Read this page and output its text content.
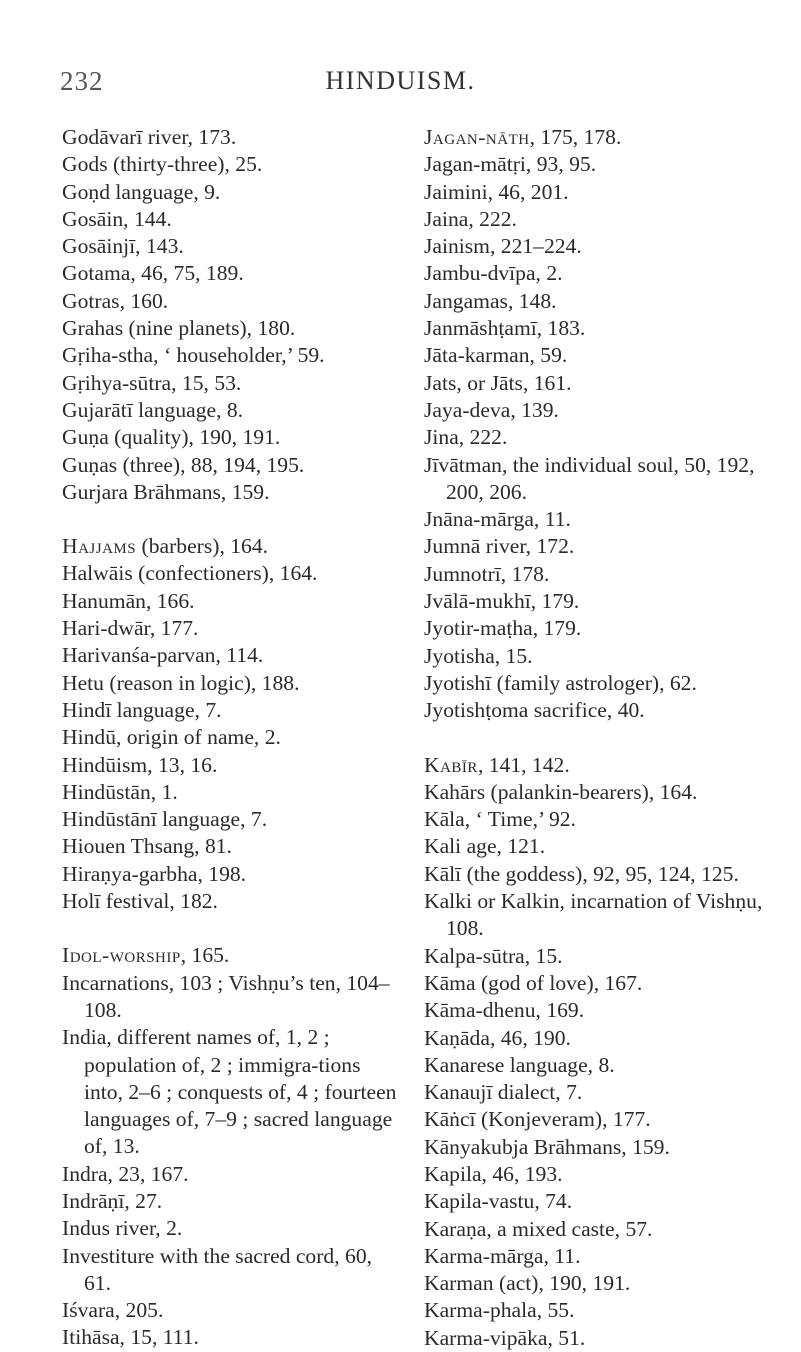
232	HINDUISM.
Godāvarī river, 173.
Gods (thirty-three), 25.
Goṇd language, 9.
Gosāin, 144.
Gosāinjī, 143.
Gotama, 46, 75, 189.
Gotras, 160.
Grahas (nine planets), 180.
Gṛiha-stha, ‘ householder,’ 59.
Gṛihya-sūtra, 15, 53.
Gujarātī language, 8.
Guṇa (quality), 190, 191.
Guṇas (three), 88, 194, 195.
Gurjara Brāhmans, 159.
Hajjams (barbers), 164.
Halwāis (confectioners), 164.
Hanumān, 166.
Hari-dwār, 177.
Harivanśa-parvan, 114.
Hetu (reason in logic), 188.
Hindī language, 7.
Hindū, origin of name, 2.
Hindūism, 13, 16.
Hindūstān, 1.
Hindūstānī language, 7.
Hiouen Thsang, 81.
Hiraṇya-garbha, 198.
Holī festival, 182.
Idol-worship, 165.
Incarnations, 103 ; Vishṇu’s ten, 104–108.
India, different names of, 1, 2 ; population of, 2 ; immigra-tions into, 2–6 ; conquests of, 4 ; fourteen languages of, 7–9 ; sacred language of, 13.
Indra, 23, 167.
Indrāṇī, 27.
Indus river, 2.
Investiture with the sacred cord, 60, 61.
Iśvara, 205.
Itihāsa, 15, 111.
Jagan-nāth, 175, 178.
Jagan-mātṛi, 93, 95.
Jaimini, 46, 201.
Jaina, 222.
Jainism, 221–224.
Jambu-dvīpa, 2.
Jangamas, 148.
Janmāshṭamī, 183.
Jāta-karman, 59.
Jats, or Jāts, 161.
Jaya-deva, 139.
Jina, 222.
Jīvātman, the individual soul, 50, 192, 200, 206.
Jnāna-mārga, 11.
Jumnā river, 172.
Jumnotrī, 178.
Jvālā-mukhī, 179.
Jyotir-maṭha, 179.
Jyotisha, 15.
Jyotishī (family astrologer), 62.
Jyotishṭoma sacrifice, 40.
Kabīr, 141, 142.
Kahārs (palankin-bearers), 164.
Kāla, ‘ Time,’ 92.
Kali age, 121.
Kālī (the goddess), 92, 95, 124, 125.
Kalki or Kalkin, incarnation of Vishṇu, 108.
Kalpa-sūtra, 15.
Kāma (god of love), 167.
Kāma-dhenu, 169.
Kaṇāda, 46, 190.
Kanarese language, 8.
Kanaujī dialect, 7.
Kāṅcī (Konjeveram), 177.
Kānyakubja Brāhmans, 159.
Kapila, 46, 193.
Kapila-vastu, 74.
Karaṇa, a mixed caste, 57.
Karma-mārga, 11.
Karman (act), 190, 191.
Karma-phala, 55.
Karma-vipāka, 51.
